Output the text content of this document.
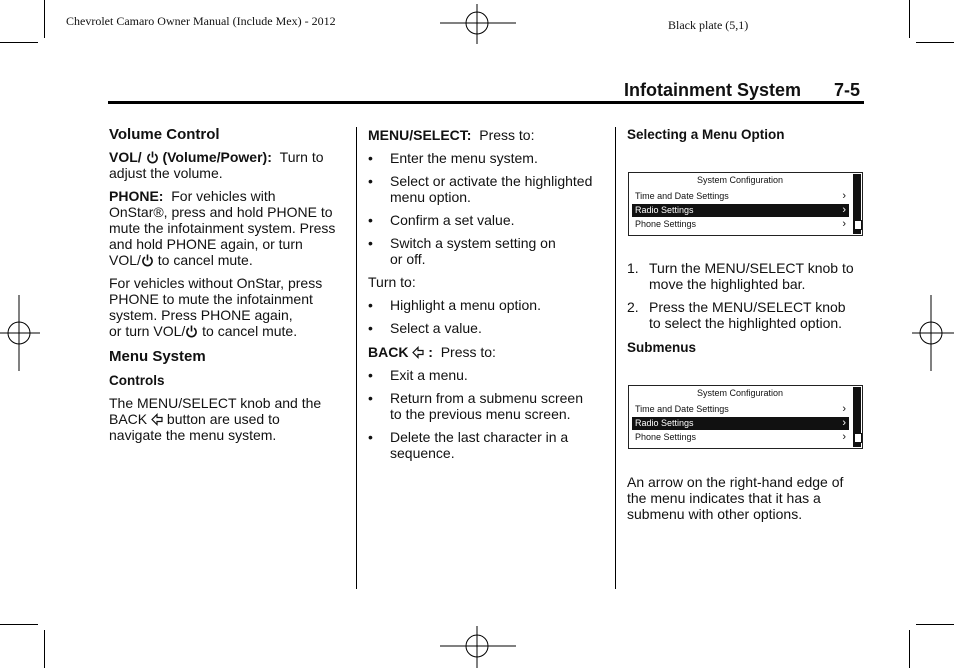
Chevrolet Camaro Owner Manual (Include Mex) - 2012	Black plate (5,1)
Infotainment System 7-5

Volume Control

VOL/ (Volume/Power): Turn to
adjust the volume.

PHONE: For vehicles with
OnStar®, press and hold PHONE to
mute the infotainment system. Press
and hold PHONE again, or turn
VOL/ to cancel mute.

For vehicles without OnStar, press
PHONE to mute the infotainment
system. Press PHONE again,
or turn VOL/ to cancel mute.

Menu System

Controls

The MENU/SELECT knob and the
BACK button are used to
navigate the menu system.

MENU/SELECT: Press to:

• Enter the menu system.
• Select or activate the highlighted
menu option.
• Confirm a set value.
• Switch a system setting on
or off.

Turn to:

• Highlight a menu option.
• Select a value.

BACK : Press to:

• Exit a menu.
• Return from a submenu screen
to the previous menu screen.
• Delete the last character in a
sequence.

Selecting a Menu Option

System Configuration
Time and Date Settings	›
Radio Settings	›
Phone Settings	›
1. Turn the MENU/SELECT knob to
move the highlighted bar.
2. Press the MENU/SELECT knob
to select the highlighted option.

Submenus

System Configuration
Time and Date Settings	›
Radio Settings	›
Phone Settings	›

An arrow on the right-hand edge of
the menu indicates that it has a
submenu with other options.
